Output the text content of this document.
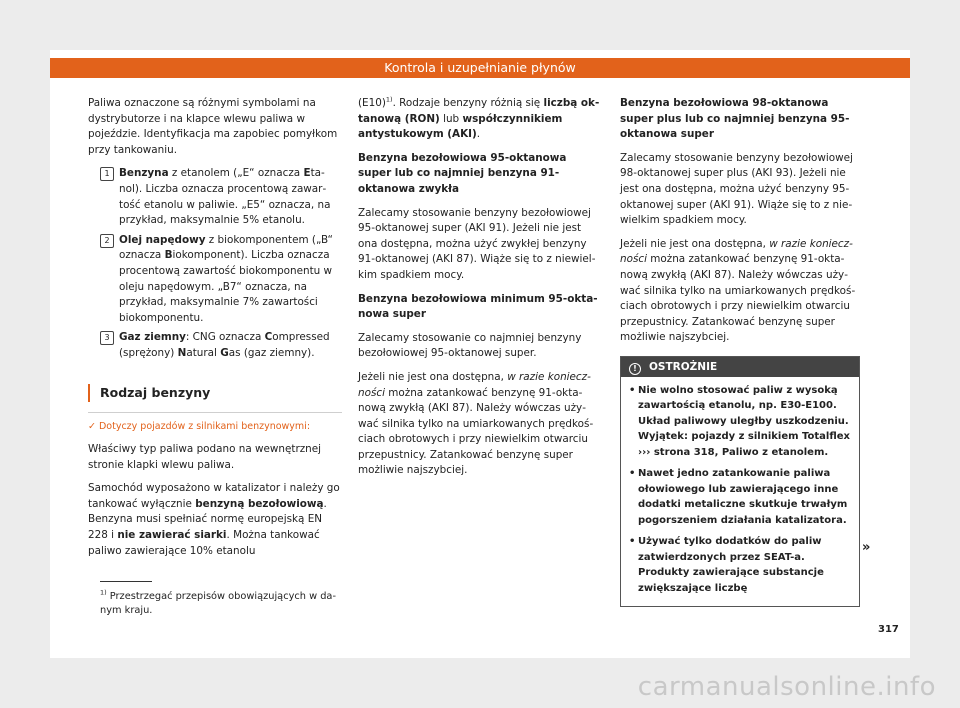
Kontrola i uzupełnianie płynów

Paliwa oznaczone są różnymi symbolami na dystrybutorze i na klapce wlewu paliwa w pojeździe. Identyfikacja ma zapobiec pomyłkom przy tankowaniu.

1 Benzyna z etanolem („E“ oznacza Etanol). Liczba oznacza procentową zawartość etanolu w paliwie. „E5“ oznacza, na przykład, maksymalnie 5% etanolu.
2 Olej napędowy z biokomponentem („B“ oznacza Biokomponent). Liczba oznacza procentową zawartość biokomponentu w oleju napędowym. „B7“ oznacza, na przykład, maksymalnie 7% zawartości biokomponentu.
3 Gaz ziemny: CNG oznacza Compressed (sprężony) Natural Gas (gaz ziemny).
Rodzaj benzyny

✓ Dotyczy pojazdów z silnikami benzynowymi:

Właściwy typ paliwa podano na wewnętrznej stronie klapki wlewu paliwa.

Samochód wyposażono w katalizator i należy go tankować wyłącznie benzyną bezołowiową. Benzyna musi spełniać normę europejską EN 228 i nie zawierać siarki. Można tankować paliwo zawierające 10% etanolu

$(E10)^{1)}$. Rodzaje benzyny różnią się liczbą oktanową (RON) lub współczynnikiem antystukowym (AKI).

Benzyna bezołowiowa 95-oktanowa super lub co najmniej benzyna 91-oktanowa zwykła

Zalecamy stosowanie benzyny bezołowiowej 95-oktanowej super (AKI 91). Jeżeli nie jest ona dostępna, można użyć zwykłej benzyny 91-oktanowej (AKI 87). Wiąże się to z niewielkim spadkiem mocy.

Benzyna bezołowiowa minimum 95-oktanowa super

Zalecamy stosowanie co najmniej benzyny bezołowiowej 95-oktanowej super.

Jeżeli nie jest ona dostępna, w razie konieczności można zatankować benzynę 91-oktanową zwykłą (AKI 87). Należy wówczas używać silnika tylko na umiarkowanych prędkościach obrotowych i przy niewielkim otwarciu przepustnicy. Zatankować benzynę super możliwie najszybciej.

Benzyna bezołowiowa 98-oktanowa super plus lub co najmniej benzyna 95-oktanowa super

Zalecamy stosowanie benzyny bezołowiowej 98-oktanowej super plus (AKI 93). Jeżeli nie jest ona dostępna, można użyć benzyny 95-oktanowej super (AKI 91). Wiąże się to z niewielkim spadkiem mocy.

Jeżeli nie jest ona dostępna, w razie konieczności można zatankować benzynę 91-oktanową zwykłą (AKI 87). Należy wówczas używać silnika tylko na umiarkowanych prędkościach obrotowych i przy niewielkim otwarciu przepustnicy. Zatankować benzynę super możliwie najszybciej.

! OSTROŻNIE

• Nie wolno stosować paliw z wysoką zawartością etanolu, np. E30-E100. Układ paliwowy uległby uszkodzeniu. Wyjątek: pojazdy z silnikiem Totalflex ››› strona 318, Paliwo z etanolem.

• Nawet jedno zatankowanie paliwa ołowiowego lub zawierającego inne dodatki metaliczne skutkuje trwałym pogorszeniem działania katalizatora.

• Używać tylko dodatków do paliw zatwierdzonych przez SEAT-a. Produkty zawierające substancje zwiększające liczbę

»
$^{1)}$ Przestrzegać przepisów obowiązujących w danym kraju.
317
carmanualsonline.info
